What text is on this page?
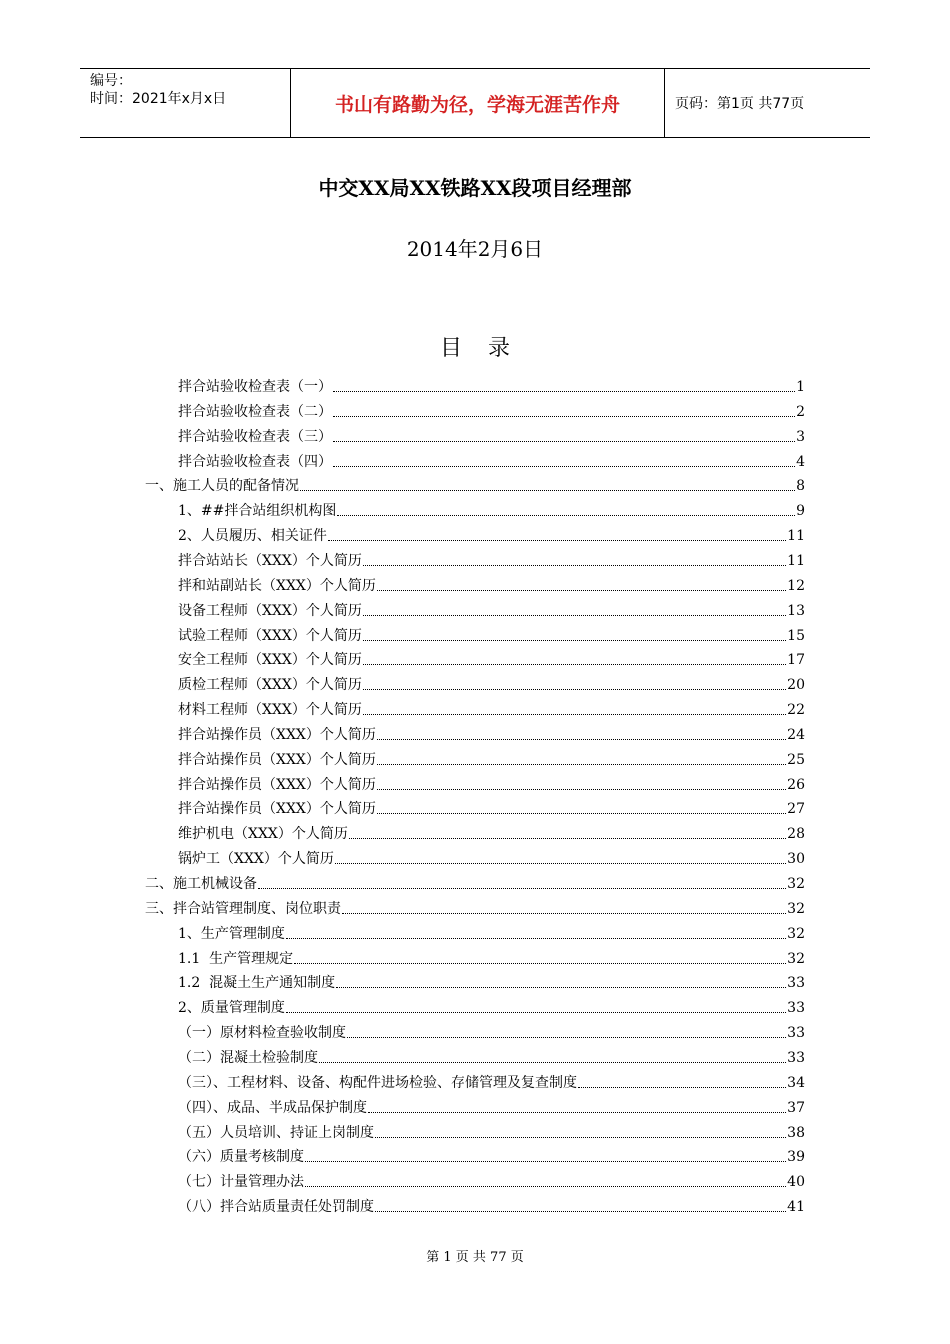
编号：
时间：2021年x月x日	书山有路勤为径，学海无涯苦作舟	页码：第1页 共77页
中交XX局XX铁路XX段项目经理部
2014年2月6日
目录
拌合站验收检查表（一）	1
拌合站验收检查表（二）	2
拌合站验收检查表（三）	3
拌合站验收检查表（四）	4
一、施工人员的配备情况	8
1、##拌合站组织机构图	9
2、人员履历、相关证件	11
拌合站站长（XXX）个人简历	11
拌和站副站长（XXX）个人简历	12
设备工程师（XXX）个人简历	13
试验工程师（XXX）个人简历	15
安全工程师（XXX）个人简历	17
质检工程师（XXX）个人简历	20
材料工程师（XXX）个人简历	22
拌合站操作员（XXX）个人简历	24
拌合站操作员（XXX）个人简历	25
拌合站操作员（XXX）个人简历	26
拌合站操作员（XXX）个人简历	27
维护机电（XXX）个人简历	28
锅炉工（XXX）个人简历	30
二、施工机械设备	32
三、拌合站管理制度、岗位职责	32
1、生产管理制度	32
1.1  生产管理规定	32
1.2  混凝土生产通知制度	33
2、质量管理制度	33
（一）原材料检查验收制度	33
（二）混凝土检验制度	33
（三）、工程材料、设备、构配件进场检验、存储管理及复查制度	34
（四）、成品、半成品保护制度	37
（五）人员培训、持证上岗制度	38
（六）质量考核制度	39
（七）计量管理办法	40
（八）拌合站质量责任处罚制度	41
第 1 页 共 77 页
